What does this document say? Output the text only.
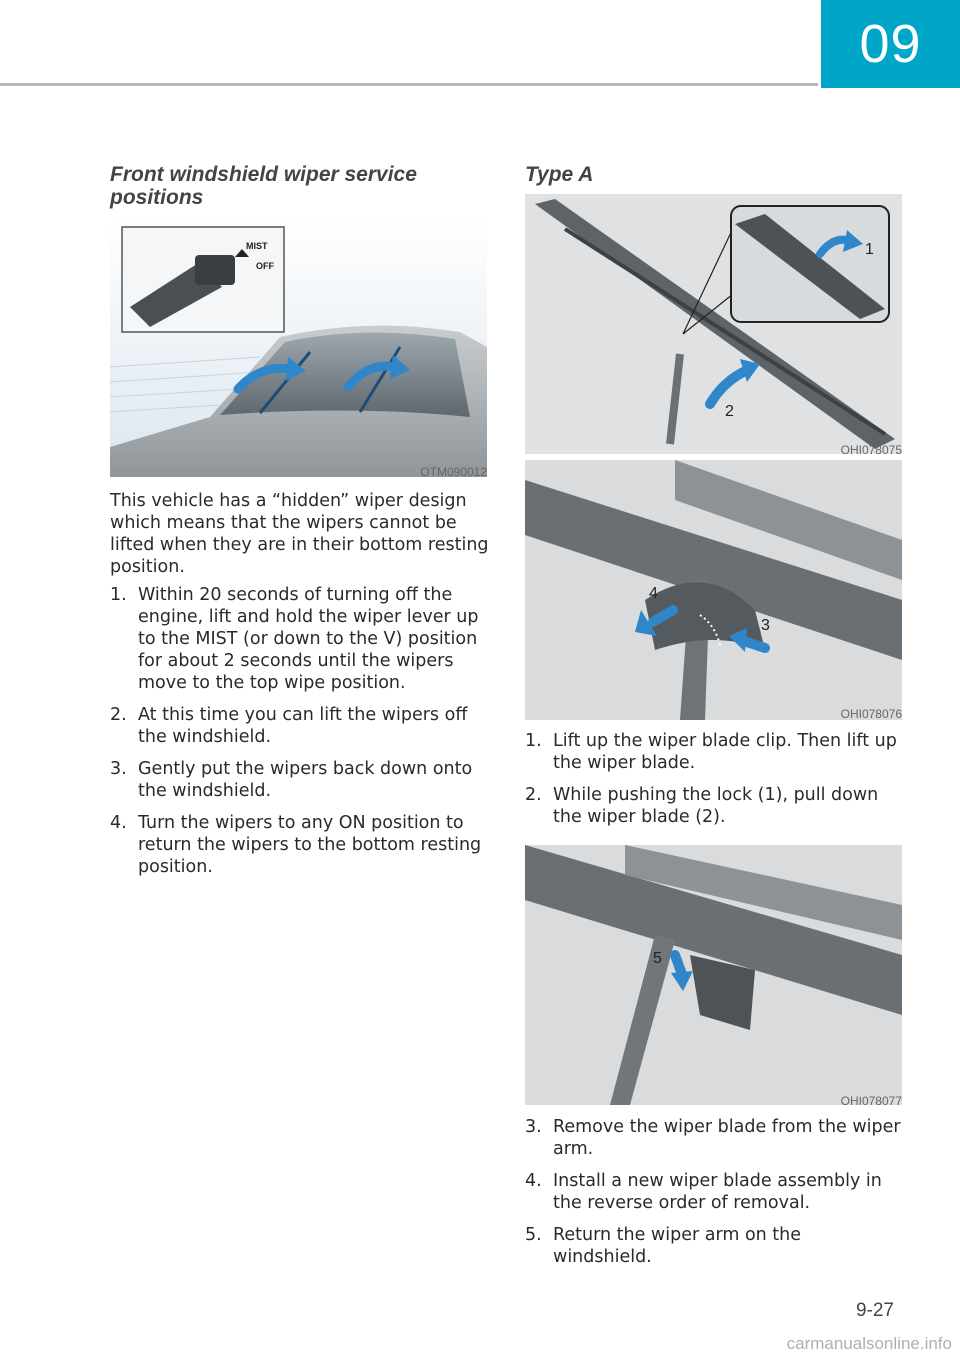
09
Front windshield wiper service
positions
MIST
OFF
OTM090012
This vehicle has a “hidden” wiper design which means that the wipers cannot be lifted when they are in their bottom resting position.
1. Within 20 seconds of turning off the engine, lift and hold the wiper lever up to the MIST (or down to the V) position for about 2 seconds until the wipers move to the top wipe position.
2. At this time you can lift the wipers off the windshield.
3. Gently put the wipers back down onto the windshield.
4. Turn the wipers to any ON position to return the wipers to the bottom resting position.
Type A
2
1
OHI078075
4
3
OHI078076
1. Lift up the wiper blade clip. Then lift up the wiper blade.
2. While pushing the lock (1), pull down the wiper blade (2).
5
OHI078077
3. Remove the wiper blade from the wiper arm.
4. Install a new wiper blade assembly in the reverse order of removal.
5. Return the wiper arm on the windshield.
9-27
carmanualsonline.info
